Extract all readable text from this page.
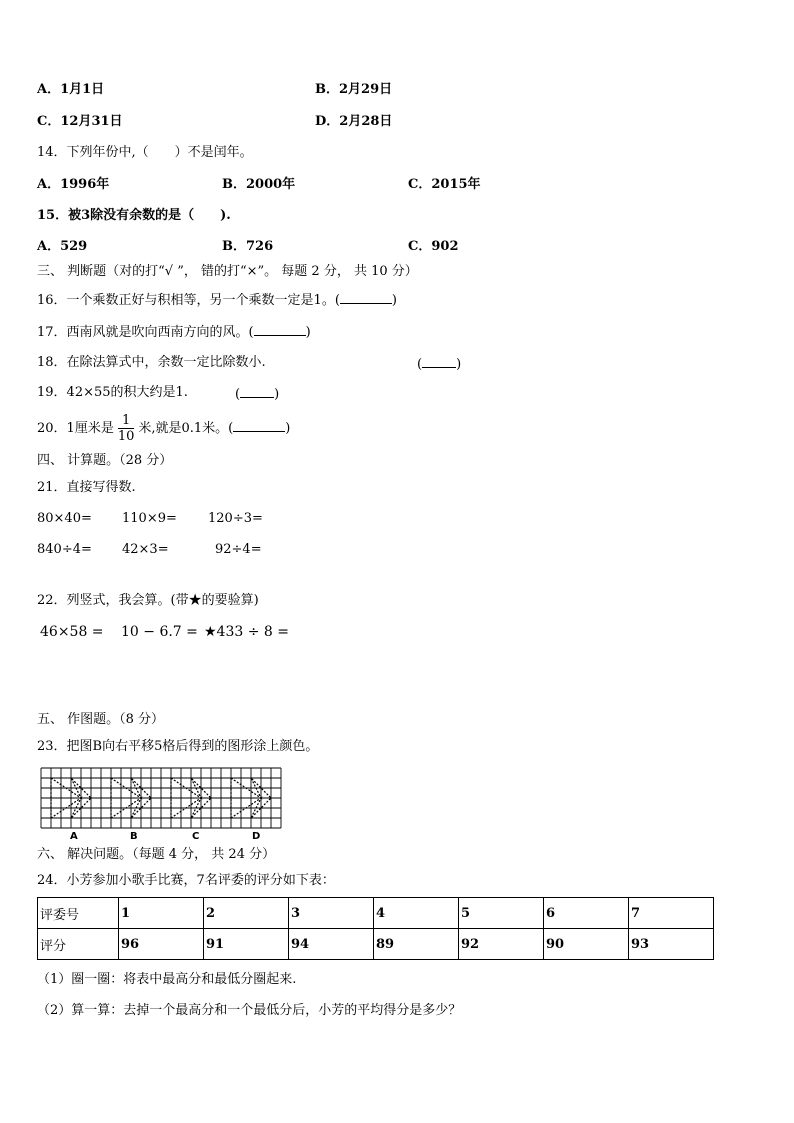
A．1月1日	B．2月29日
C．12月31日	D．2月28日
14．下列年份中,（　　）不是闰年。
A．1996年	B．2000年	C．2015年
15．被3除没有余数的是（　　).
A．529	B．726	C．902
三、 判断题（对的打“√ ”， 错的打“×”。 每题 2 分， 共 10 分）
16．一个乘数正好与积相等，另一个乘数一定是1。(	)
17．西南风就是吹向西南方向的风。(	)
18．在除法算式中，余数一定比除数小.	(	)
19．42×55的积大约是1.	(	)
20．1厘米是 $\frac{1}{10}$ 米,就是0.1米。(	)
四、 计算题。（28 分）
21．直接写得数.
80×40= 110×9= 120÷3=
840÷4= 42×3=	92÷4=
22．列竖式，我会算。(带★的要验算)
46×58 = 10 − 6.7 = ★433 ÷ 8 =
五、 作图题。（8 分）
23．把图B向右平移5格后得到的图形涂上颜色。
A	B	C	D
六、 解决问题。（每题 4 分， 共 24 分）
24．小芳参加小歌手比赛，7名评委的评分如下表：
评委号	1	2	3	4	5	6	7
评分	96	91	94	89	92	90	93
（1）圈一圈：将表中最高分和最低分圈起来.
（2）算一算：去掉一个最高分和一个最低分后，小芳的平均得分是多少？
